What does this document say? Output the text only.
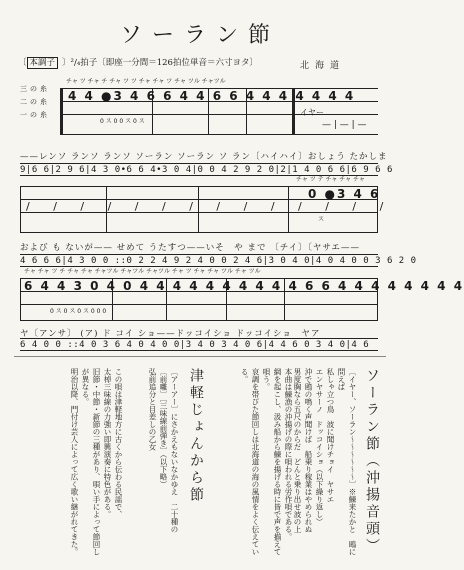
ソーラン節
〔 本調子 〕²/₄拍子〔即座一分間＝126拍位単音＝六寸ヨタ〕	北海道
三の糸
二の糸
一の糸
チャ ツ チャ チ チャ ツ ツ チャ チャ ツ チャ ツル チャツル
4 4 ●3 4 6 6 4 4 6 6 4 4 4 4 4 4 4
0 ス 0 0 ス 0 ス
イヤー
— | — | —
——レンソ ランソ ランソ ソーラン ソーラン ソ ラン〔ハイハイ〕おしょう たかしま
9|6 6|2 9 6|4 3 0•6 6 4•3 0 4|0 0 4 2 9 2 0|2|1 4 0 6 6|6 9 6 6
/ / / / / / / / / / / / / /
チャ ツ テ チャ チャ チャ
0 ●3 4 6
ス
および も ないが—— せめて うたすつ——いそ　や まで 〔チイ〕〔ヤサエ——
4 6 6 6|4 3 0 0 ::0 2 2 4 9 2 4 0 0 2 4 6|3 0 4 0|4 0 4 0 0 3 6 2 0
チャ チャ ツ チ チャ チャ チャツル チャツル チャツル チャ ツ チャ チャ ツル チャ ツル
6 4 4 3 0 4 0 4 4 4 4 4 4 4 4 4 4 6 6 4 4 4 4 4 4 4 4
0 ス 0 ス 0 ス 0 0 0
ヤ〔アンサ〕 (ア) ド コイ ショ——ドッコイショ ドッコイショ　ヤア
6 4 0 0 ::4 0 3 6 4 0 4 0 0|3 4 0 3 4 0 6|4 4 6 0 3 4 0|4 6
ソーラン節（沖揚音頭）
〔イヤー、ソーラン〜〜〜〜〜〜〕※鰊来たかと　鴎に問えば
私しゃ立つ鳥　波に聞けチョイ　ヤサエ
エンヤサーノ　ドッコイショ（以下繰り返し）
沖で鴎の鳴く声聞けば　船乗り稼業はやめられぬ
男度胸なら五尺のからだ　どんと乗り出せ波の上
本曲は鰊漁の沖揚げの際に唄われる労作唄である。
網を起こし、汲み船から鰊を揚げる時に皆で声を揃えて唄う。
哀調を帯びた節回しは北海道の海の風情をよく伝えている。
津軽じょんから節
〔アーアー〕にさかえもないなかゆえ　二十種の
〔前囃〕〔三味線前弾き〕（以下略）
弘前追分と目差しの乙女
この唄は津軽地方に古くから伝わる民謡で、
太棹三味線の力強い即興演奏に特色がある。
旧節・中節・新節の三種があり、唄い手によって節回しが異なる。
明治以降、門付け芸人によって広く歌い継がれてきた。
